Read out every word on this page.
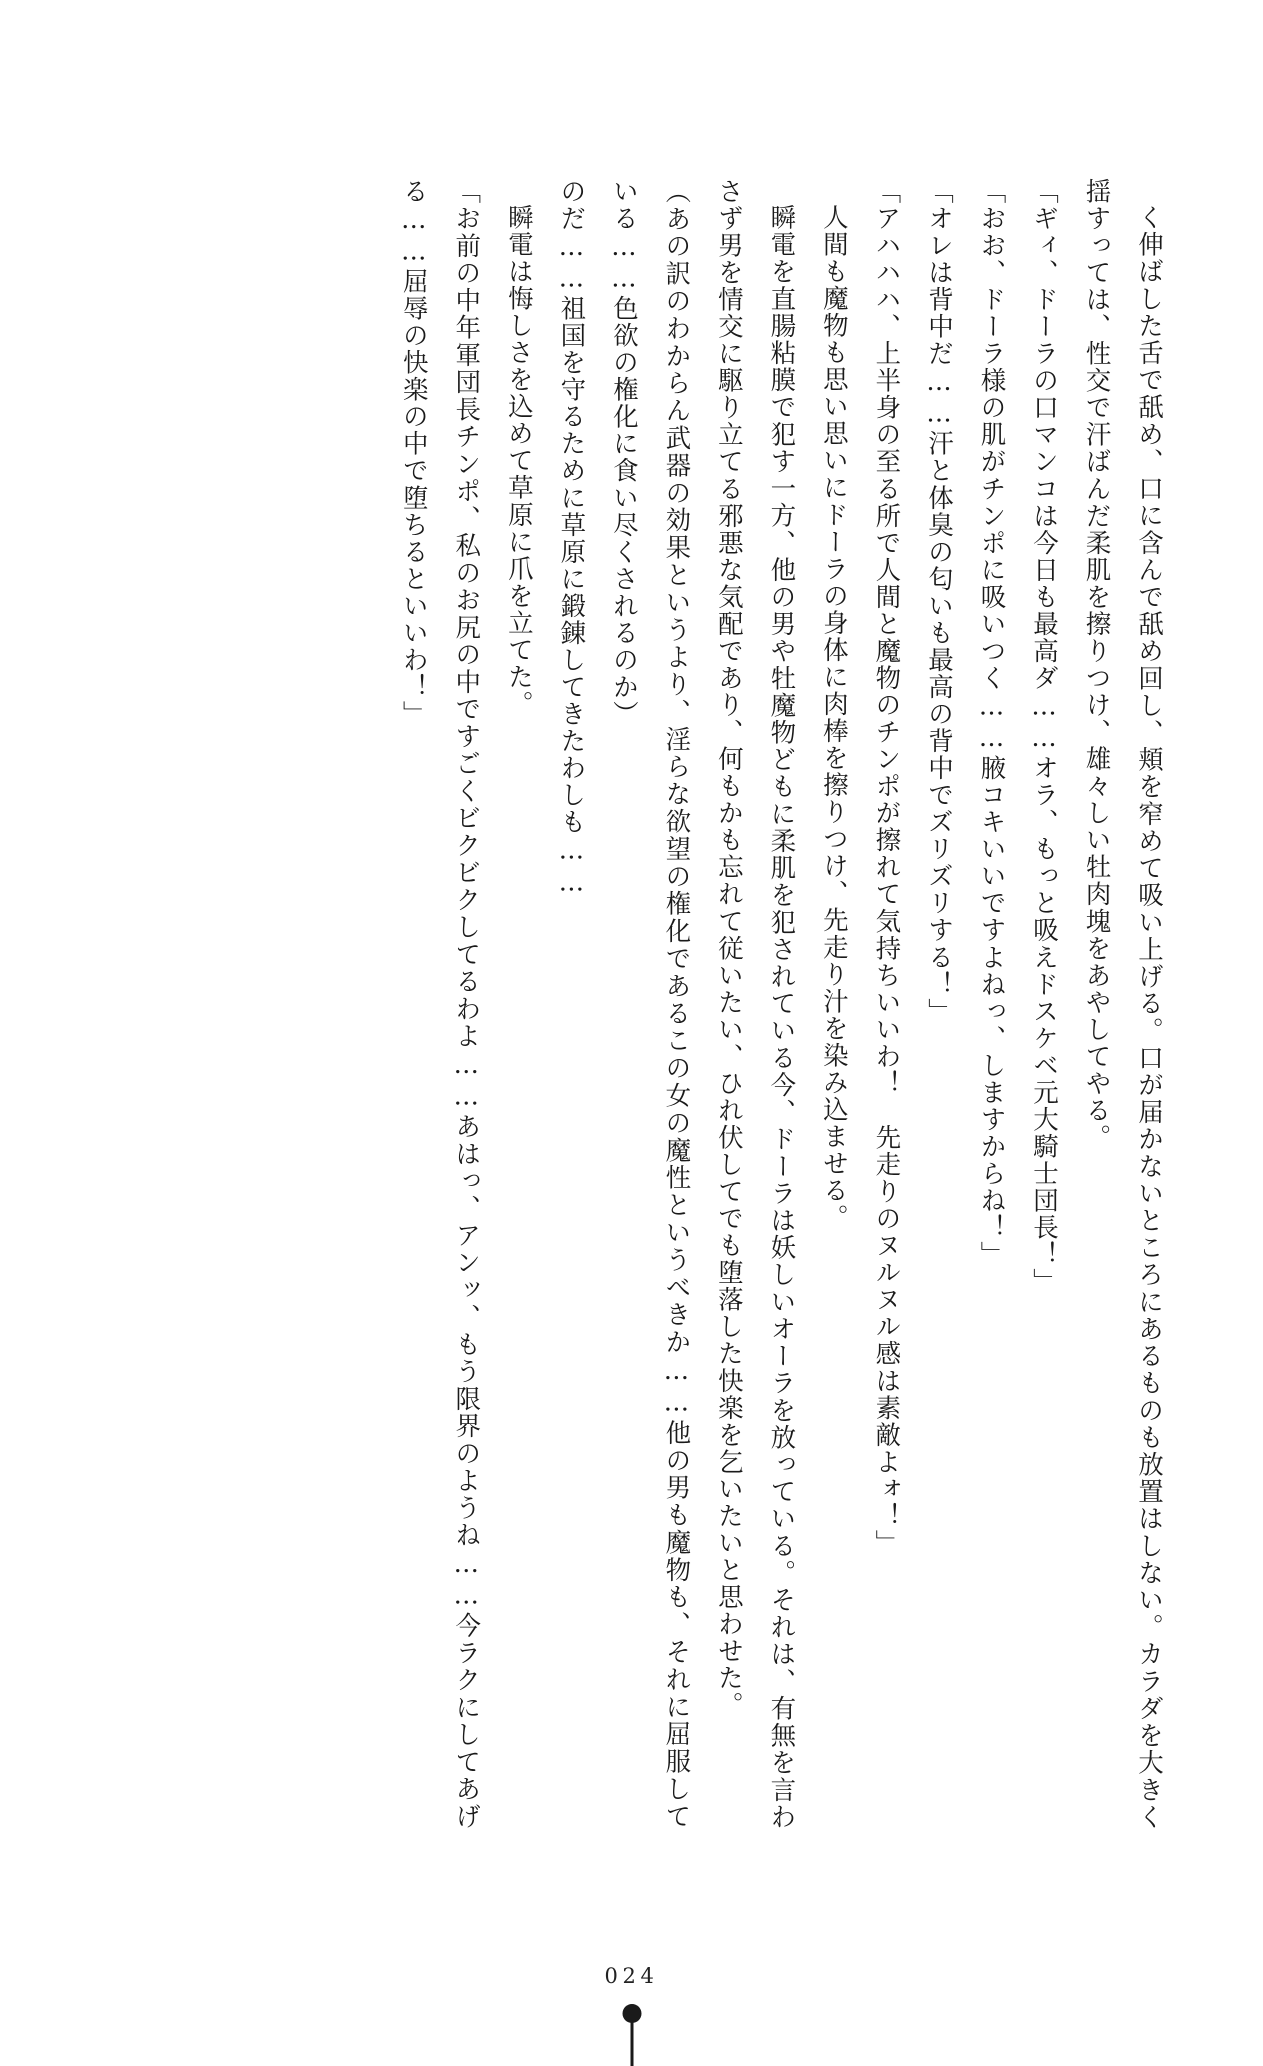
く伸ばした舌で舐め、口に含んで舐め回し、頬を窄めて吸い上げる。口が届かないところにあるものも放置はしない。カラダを大きく揺すっては、性交で汗ばんだ柔肌を擦りつけ、雄々しい牡肉塊をあやしてやる。

「ギィ、ドーラの口マンコは今日も最高ダ……オラ、もっと吸えドスケベ元大騎士団長！」

「おお、ドーラ様の肌がチンポに吸いつく……腋コキいいですよねっ、しますからね！」

「オレは背中だ……汗と体臭の匂いも最高の背中でズリズリする！」

「アハハハ、上半身の至る所で人間と魔物のチンポが擦れて気持ちいいわ！　先走りのヌルヌル感は素敵よォ！」

人間も魔物も思い思いにドーラの身体に肉棒を擦りつけ、先走り汁を染み込ませる。

瞬電を直腸粘膜で犯す一方、他の男や牡魔物どもに柔肌を犯されている今、ドーラは妖しいオーラを放っている。それは、有無を言わさず男を情交に駆り立てる邪悪な気配であり、何もかも忘れて従いたい、ひれ伏してでも堕落した快楽を乞いたいと思わせた。

（あの訳のわからん武器の効果というより、淫らな欲望の権化であるこの女の魔性というべきか……他の男も魔物も、それに屈服している……色欲の権化に食い尽くされるのか）

のだ……祖国を守るために草原に鍛錬してきたわしも……

瞬電は悔しさを込めて草原に爪を立てた。

「お前の中年軍団長チンポ、私のお尻の中ですごくビクビクしてるわよ……あはっ、アンッ、もう限界のようね……今ラクにしてあげる……屈辱の快楽の中で堕ちるといいわ！」

024
